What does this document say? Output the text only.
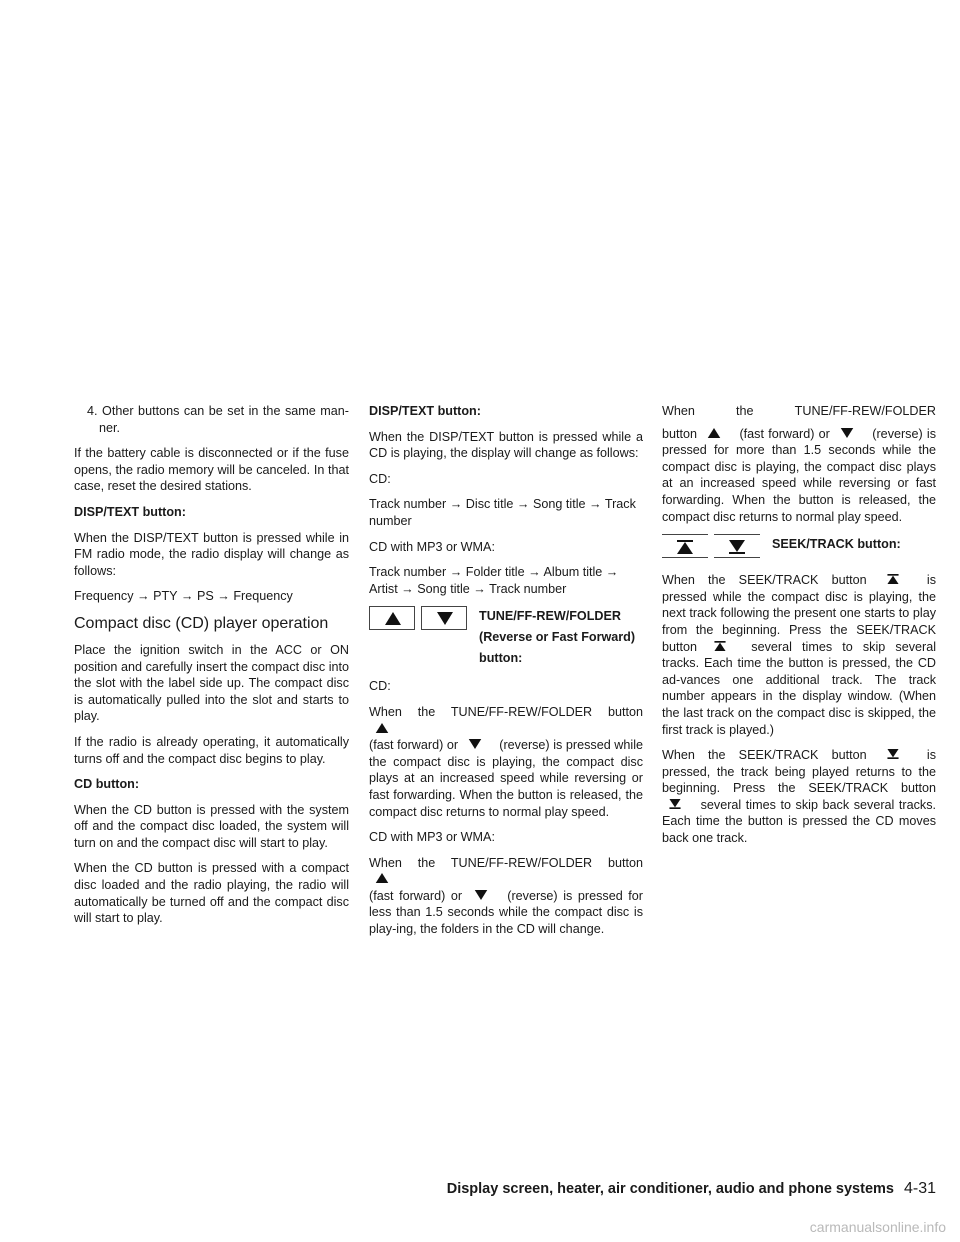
4. Other buttons can be set in the same man-ner.

If the battery cable is disconnected or if the fuse opens, the radio memory will be canceled. In that case, reset the desired stations.

DISP/TEXT button:

When the DISP/TEXT button is pressed while in FM radio mode, the radio display will change as follows:

Frequency → PTY → PS → Frequency

Compact disc (CD) player operation

Place the ignition switch in the ACC or ON position and carefully insert the compact disc into the slot with the label side up. The compact disc is automatically pulled into the slot and starts to play.

If the radio is already operating, it automatically turns off and the compact disc begins to play.

CD button:

When the CD button is pressed with the system off and the compact disc loaded, the system will turn on and the compact disc will start to play.

When the CD button is pressed with a compact disc loaded and the radio playing, the radio will automatically be turned off and the compact disc will start to play.

DISP/TEXT button:

When the DISP/TEXT button is pressed while a CD is playing, the display will change as follows:

CD:

Track number → Disc title → Song title → Track number

CD with MP3 or WMA:

Track number → Folder title → Album title → Artist → Song title → Track number

TUNE/FF-REW/FOLDER
(Reverse or Fast Forward)
button:

CD:

When the TUNE/FF-REW/FOLDER button

(fast forward) or	(reverse) is pressed while the compact disc is playing, the compact disc plays at an increased speed while reversing or fast forwarding. When the button is released, the compact disc returns to normal play speed.

CD with MP3 or WMA:

When the TUNE/FF-REW/FOLDER button

(fast forward) or	(reverse) is pressed for less than 1.5 seconds while the compact disc is play-ing, the folders in the CD will change.

When	the	TUNE/FF-REW/FOLDER

button	(fast forward) or	(reverse) is pressed for more than 1.5 seconds while the compact disc is playing, the compact disc plays at an increased speed while reversing or fast forwarding. When the button is released, the compact disc returns to normal play speed.

SEEK/TRACK button:

When the SEEK/TRACK button	is pressed while the compact disc is playing, the next track following the present one starts to play from the beginning. Press the SEEK/TRACK button	several times to skip several tracks. Each time the button is pressed, the CD ad-vances one additional track. The track number appears in the display window. (When the last track on the compact disc is skipped, the first track is played.)

When the SEEK/TRACK button	is pressed, the track being played returns to the beginning. Press the SEEK/TRACK button  several times to skip back several tracks. Each time the button is pressed the CD moves back one track.

Display screen, heater, air conditioner, audio and phone systems 4-31
carmanualsonline.info
